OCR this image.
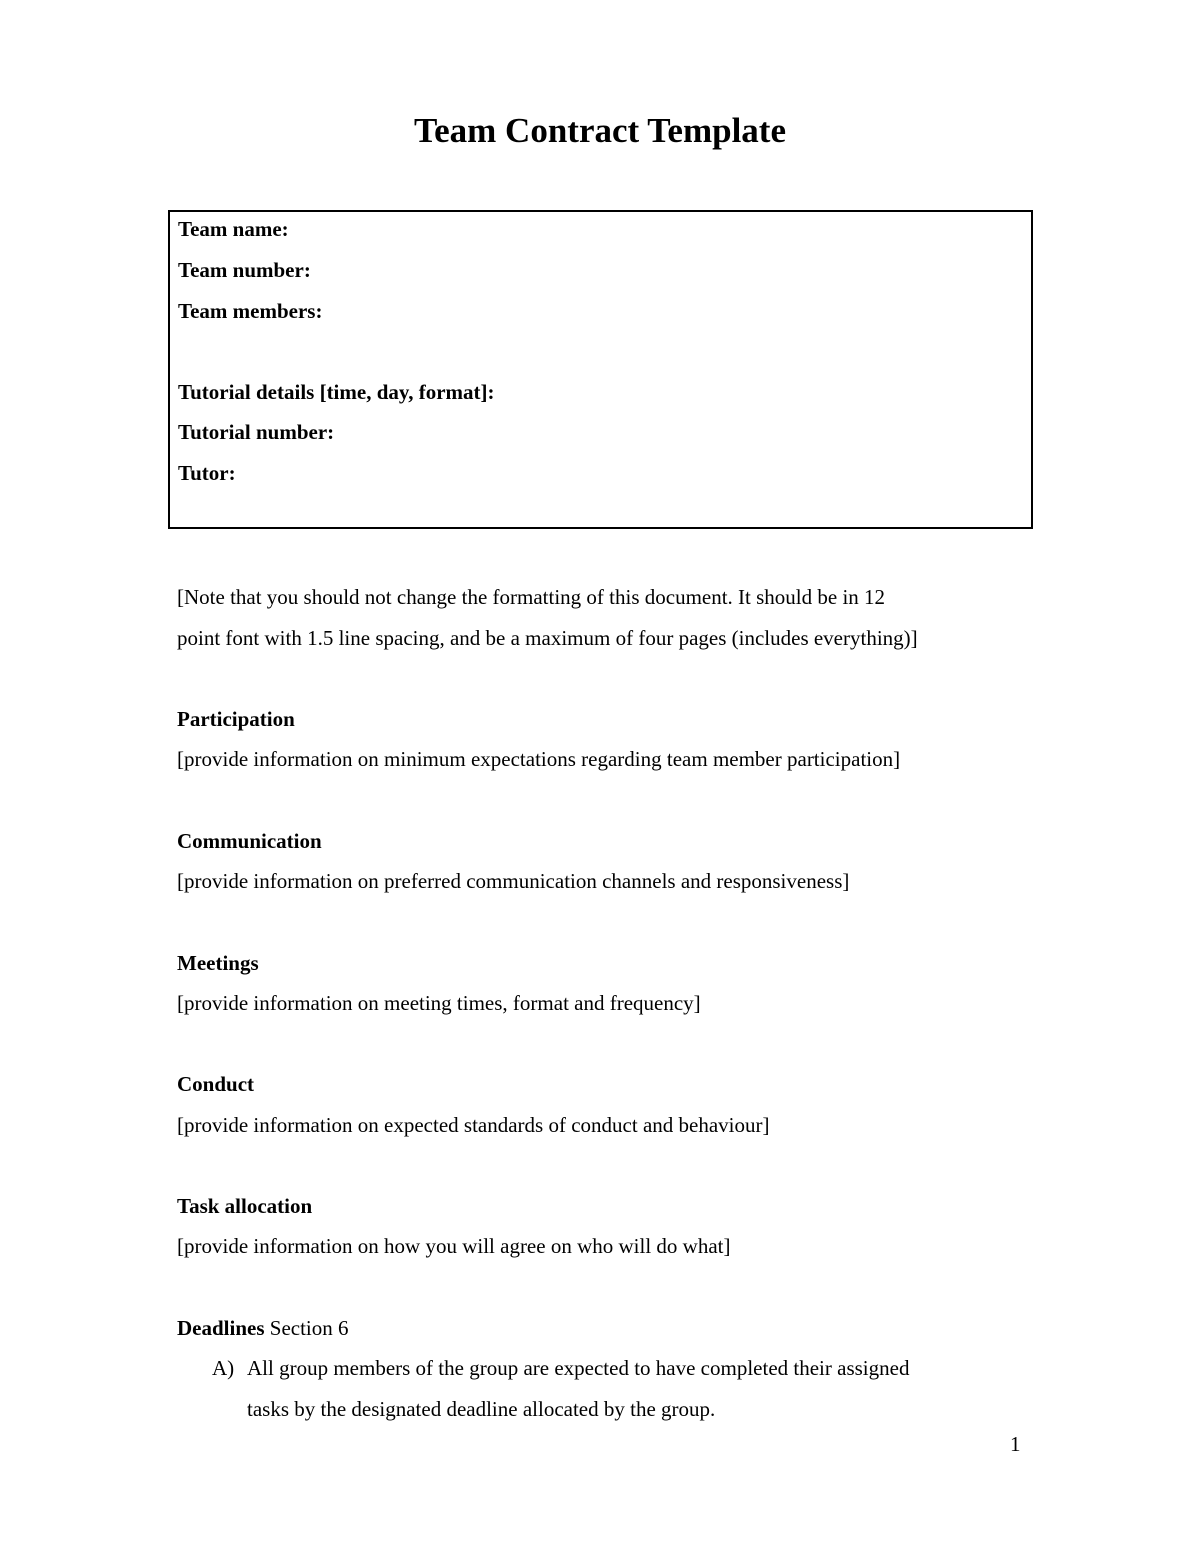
Team Contract Template
Team name:
Team number:
Team members:
Tutorial details [time, day, format]:
Tutorial number:
Tutor:
[Note that you should not change the formatting of this document. It should be in 12
point font with 1.5 line spacing, and be a maximum of four pages (includes everything)]
Participation
[provide information on minimum expectations regarding team member participation]
Communication
[provide information on preferred communication channels and responsiveness]
Meetings
[provide information on meeting times, format and frequency]
Conduct
[provide information on expected standards of conduct and behaviour]
Task allocation
[provide information on how you will agree on who will do what]
Deadlines Section 6
A) All group members of the group are expected to have completed their assigned
tasks by the designated deadline allocated by the group.
1
